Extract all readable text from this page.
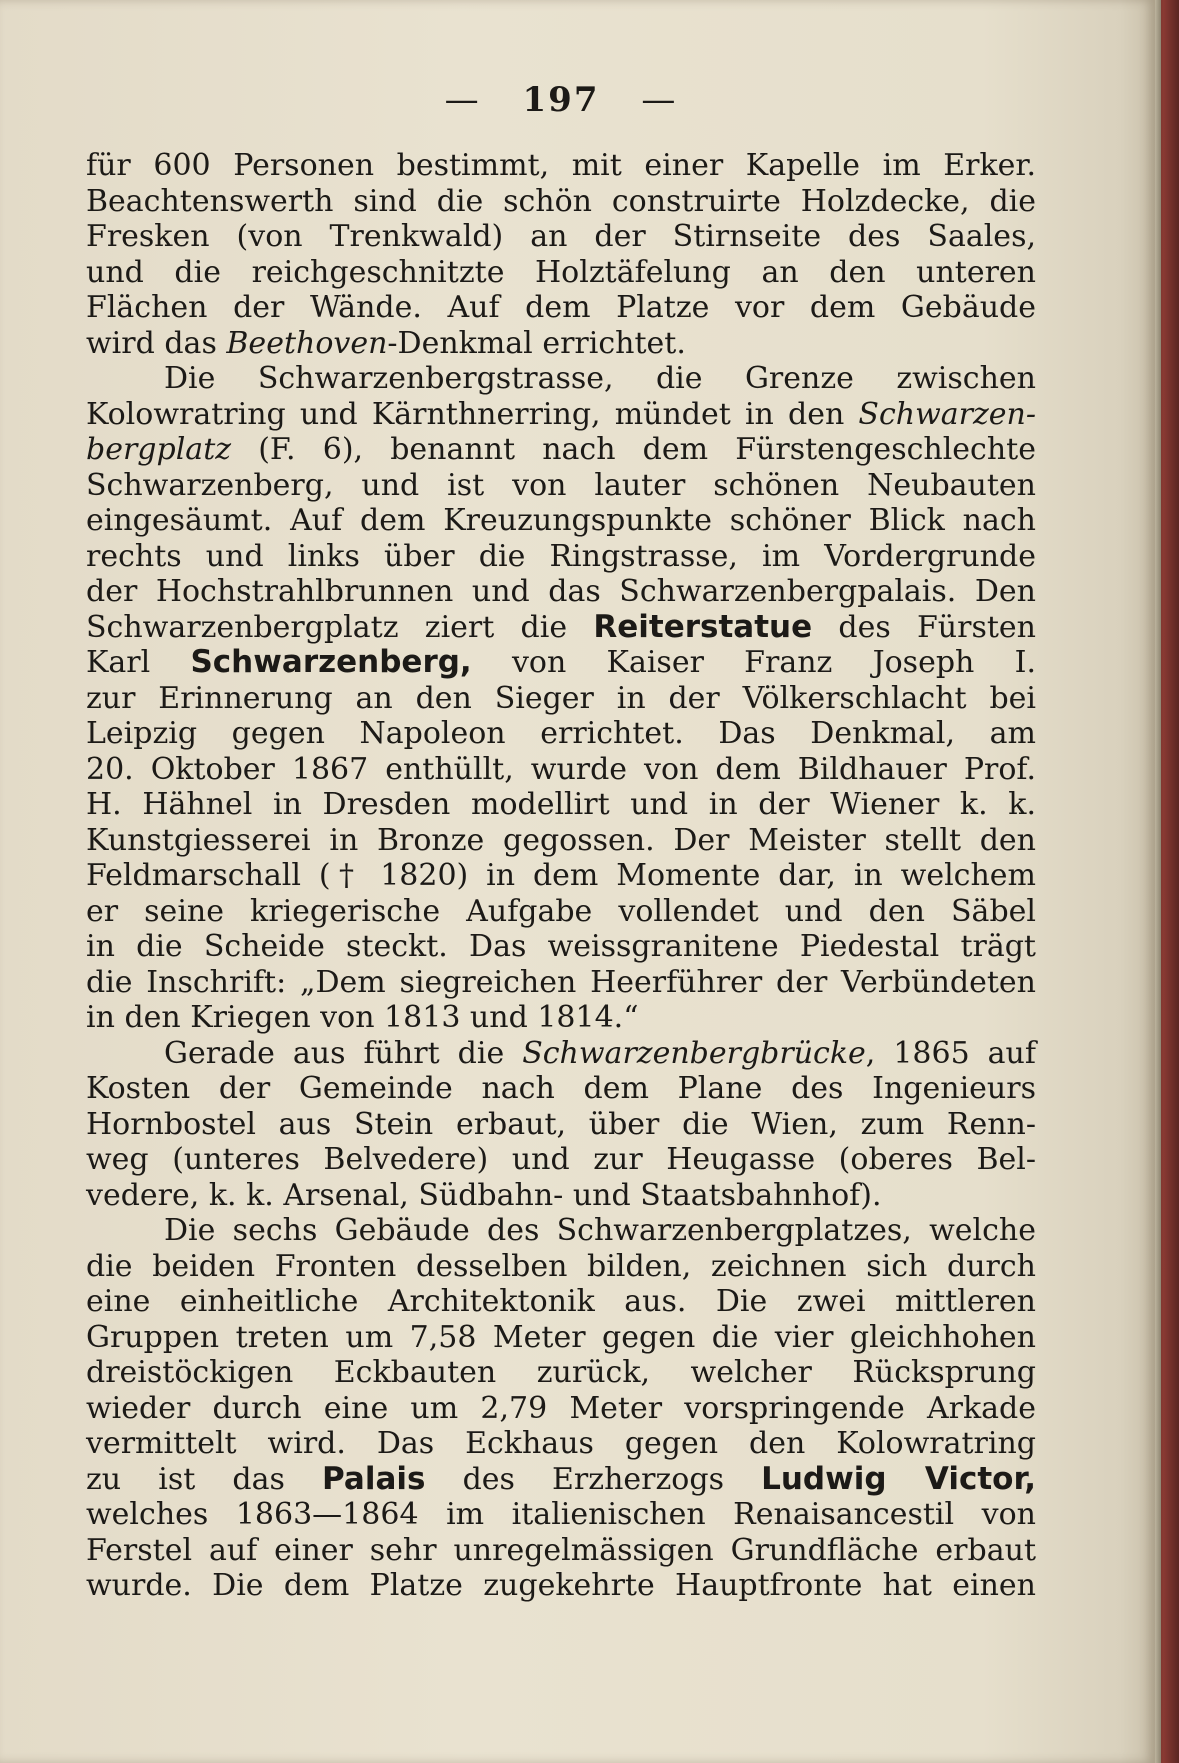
— 197 —
für 600 Personen bestimmt, mit einer Kapelle im Erker.
Beachtenswerth sind die schön construirte Holzdecke, die
Fresken (von Trenkwald) an der Stirnseite des Saales,
und die reichgeschnitzte Holztäfelung an den unteren
Flächen der Wände. Auf dem Platze vor dem Gebäude
wird das Beethoven-Denkmal errichtet.
Die Schwarzenbergstrasse, die Grenze zwischen
Kolowratring und Kärnthnerring, mündet in den Schwarzen-
bergplatz (F. 6), benannt nach dem Fürstengeschlechte
Schwarzenberg, und ist von lauter schönen Neubauten
eingesäumt. Auf dem Kreuzungspunkte schöner Blick nach
rechts und links über die Ringstrasse, im Vordergrunde
der Hochstrahlbrunnen und das Schwarzenbergpalais. Den
Schwarzenbergplatz ziert die Reiterstatue des Fürsten
Karl Schwarzenberg, von Kaiser Franz Joseph I.
zur Erinnerung an den Sieger in der Völkerschlacht bei
Leipzig gegen Napoleon errichtet. Das Denkmal, am
20. Oktober 1867 enthüllt, wurde von dem Bildhauer Prof.
H. Hähnel in Dresden modellirt und in der Wiener k. k.
Kunstgiesserei in Bronze gegossen. Der Meister stellt den
Feldmarschall († 1820) in dem Momente dar, in welchem
er seine kriegerische Aufgabe vollendet und den Säbel
in die Scheide steckt. Das weissgranitene Piedestal trägt
die Inschrift: „Dem siegreichen Heerführer der Verbündeten
in den Kriegen von 1813 und 1814.“
Gerade aus führt die Schwarzenbergbrücke, 1865 auf
Kosten der Gemeinde nach dem Plane des Ingenieurs
Hornbostel aus Stein erbaut, über die Wien, zum Renn-
weg (unteres Belvedere) und zur Heugasse (oberes Bel-
vedere, k. k. Arsenal, Südbahn- und Staatsbahnhof).
Die sechs Gebäude des Schwarzenbergplatzes, welche
die beiden Fronten desselben bilden, zeichnen sich durch
eine einheitliche Architektonik aus. Die zwei mittleren
Gruppen treten um 7,58 Meter gegen die vier gleichhohen
dreistöckigen Eckbauten zurück, welcher Rücksprung
wieder durch eine um 2,79 Meter vorspringende Arkade
vermittelt wird. Das Eckhaus gegen den Kolowratring
zu ist das Palais des Erzherzogs Ludwig Victor,
welches 1863—1864 im italienischen Renaisancestil von
Ferstel auf einer sehr unregelmässigen Grundfläche erbaut
wurde. Die dem Platze zugekehrte Hauptfronte hat einen
